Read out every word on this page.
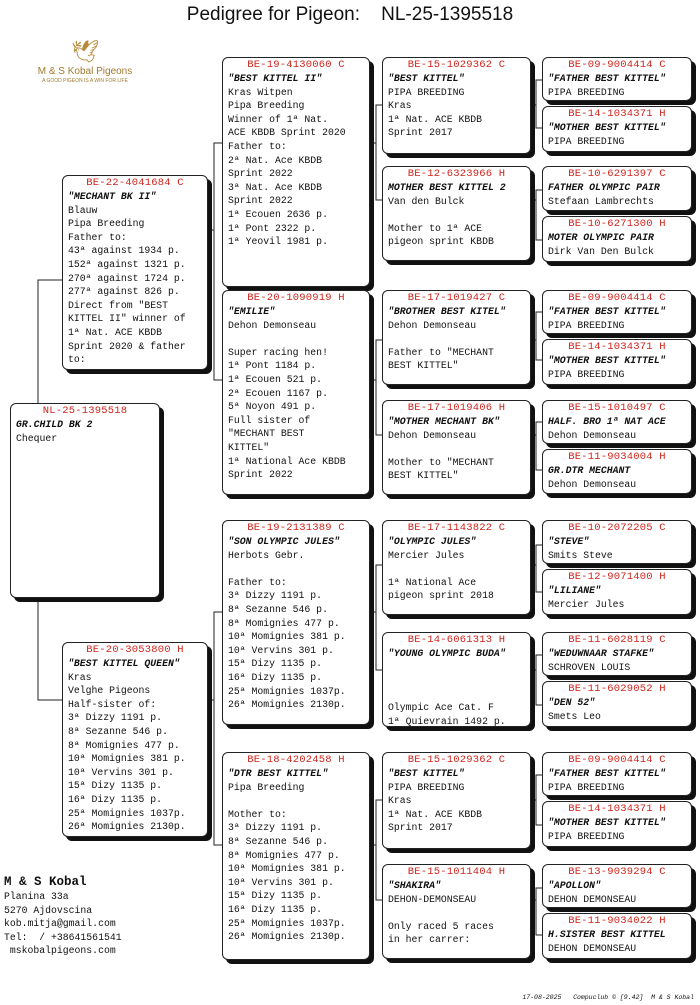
Pedigree for Pigeon:    NL-25-1395518
🕊
M & S Kobal Pigeons
A GOOD PIGEON IS A WIN FOR LIFE
NL-25-1395518
GR.CHILD BK 2
Chequer
BE-22-4041684 C
"MECHANT BK II"
Blauw
Pipa Breeding
Father to:
43ª against 1934 p.
152ª against 1321 p.
270ª against 1724 p.
277ª against 826 p.
Direct from "BEST
KITTEL II" winner of
1ª Nat. ACE KBDB
Sprint 2020 & father
to:
BE-20-3053800 H
"BEST KITTEL QUEEN"
Kras
Velghe Pigeons
Half-sister of:
3ª Dizzy 1191 p.
8ª Sezanne 546 p.
8ª Momignies 477 p.
10ª Momignies 381 p.
10ª Vervins 301 p.
15ª Dizy 1135 p.
16ª Dizy 1135 p.
25ª Momignies 1037p.
26ª Momignies 2130p.
BE-19-4130060 C
"BEST KITTEL II"
Kras Witpen
Pipa Breeding
Winner of 1ª Nat.
ACE KBDB Sprint 2020
Father to:
2ª Nat. Ace KBDB
Sprint 2022
3ª Nat. Ace KBDB
Sprint 2022
1ª Ecouen 2636 p.
1ª Pont 2322 p.
1ª Yeovil 1981 p.
BE-20-1090919 H
"EMILIE"
Dehon Demonseau

Super racing hen!
1ª Pont 1184 p.
1ª Ecouen 521 p.
2ª Ecouen 1167 p.
5ª Noyon 491 p.
Full sister of
"MECHANT BEST
KITTEL"
1ª National Ace KBDB
Sprint 2022
BE-19-2131389 C
"SON OLYMPIC JULES"
Herbots Gebr.

Father to:
3ª Dizzy 1191 p.
8ª Sezanne 546 p.
8ª Momignies 477 p.
10ª Momignies 381 p.
10ª Vervins 301 p.
15ª Dizy 1135 p.
16ª Dizy 1135 p.
25ª Momignies 1037p.
26ª Momignies 2130p.
BE-18-4202458 H
"DTR BEST KITTEL"
Pipa Breeding

Mother to:
3ª Dizzy 1191 p.
8ª Sezanne 546 p.
8ª Momignies 477 p.
10ª Momignies 381 p.
10ª Vervins 301 p.
15ª Dizy 1135 p.
16ª Dizy 1135 p.
25ª Momignies 1037p.
26ª Momignies 2130p.
BE-15-1029362 C
"BEST KITTEL"
PIPA BREEDING
Kras
1ª Nat. ACE KBDB
Sprint 2017
BE-12-6323966 H
MOTHER BEST KITTEL 2
Van den Bulck

Mother to 1ª ACE
pigeon sprint KBDB
BE-17-1019427 C
"BROTHER BEST KITEL"
Dehon Demonseau

Father to "MECHANT
BEST KITTEL"
BE-17-1019406 H
"MOTHER MECHANT BK"
Dehon Demonseau

Mother to "MECHANT
BEST KITTEL"
BE-17-1143822 C
"OLYMPIC JULES"
Mercier Jules

1ª National Ace
pigeon sprint 2018
BE-14-6061313 H
"YOUNG OLYMPIC BUDA"

Olympic Ace Cat. F
1ª Quievrain 1492 p.
BE-15-1029362 C
"BEST KITTEL"
PIPA BREEDING
Kras
1ª Nat. ACE KBDB
Sprint 2017
BE-15-1011404 H
"SHAKIRA"
DEHON-DEMONSEAU

Only raced 5 races
in her carrer:
BE-09-9004414 C
"FATHER BEST KITTEL"
PIPA BREEDING
BE-14-1034371 H
"MOTHER BEST KITTEL"
PIPA BREEDING
BE-10-6291397 C
FATHER OLYMPIC PAIR
Stefaan Lambrechts
BE-10-6271300 H
MOTER OLYMPIC PAIR
Dirk Van Den Bulck
BE-09-9004414 C
"FATHER BEST KITTEL"
PIPA BREEDING
BE-14-1034371 H
"MOTHER BEST KITTEL"
PIPA BREEDING
BE-15-1010497 C
HALF. BRO 1ª NAT ACE
Dehon Demonseau
BE-11-9034004 H
GR.DTR MECHANT
Dehon Demonseau
BE-10-2072205 C
"STEVE"
Smits Steve
BE-12-9071400 H
"LILIANE"
Mercier Jules
BE-11-6028119 C
"WEDUWNAAR STAFKE"
SCHROVEN LOUIS
BE-11-6029052 H
"DEN 52"
Smets Leo
BE-09-9004414 C
"FATHER BEST KITTEL"
PIPA BREEDING
BE-14-1034371 H
"MOTHER BEST KITTEL"
PIPA BREEDING
BE-13-9039294 C
"APOLLON"
DEHON DEMONSEAU
BE-11-9034022 H
H.SISTER BEST KITTEL
DEHON DEMONSEAU
M & S Kobal
Planina 33a
5270 Ajdovscina
kob.mitja@gmail.com
Tel:  / +38641561541
mskobalpigeons.com
17-08-2025   Compuclub © [9.42]  M & S Kobal
